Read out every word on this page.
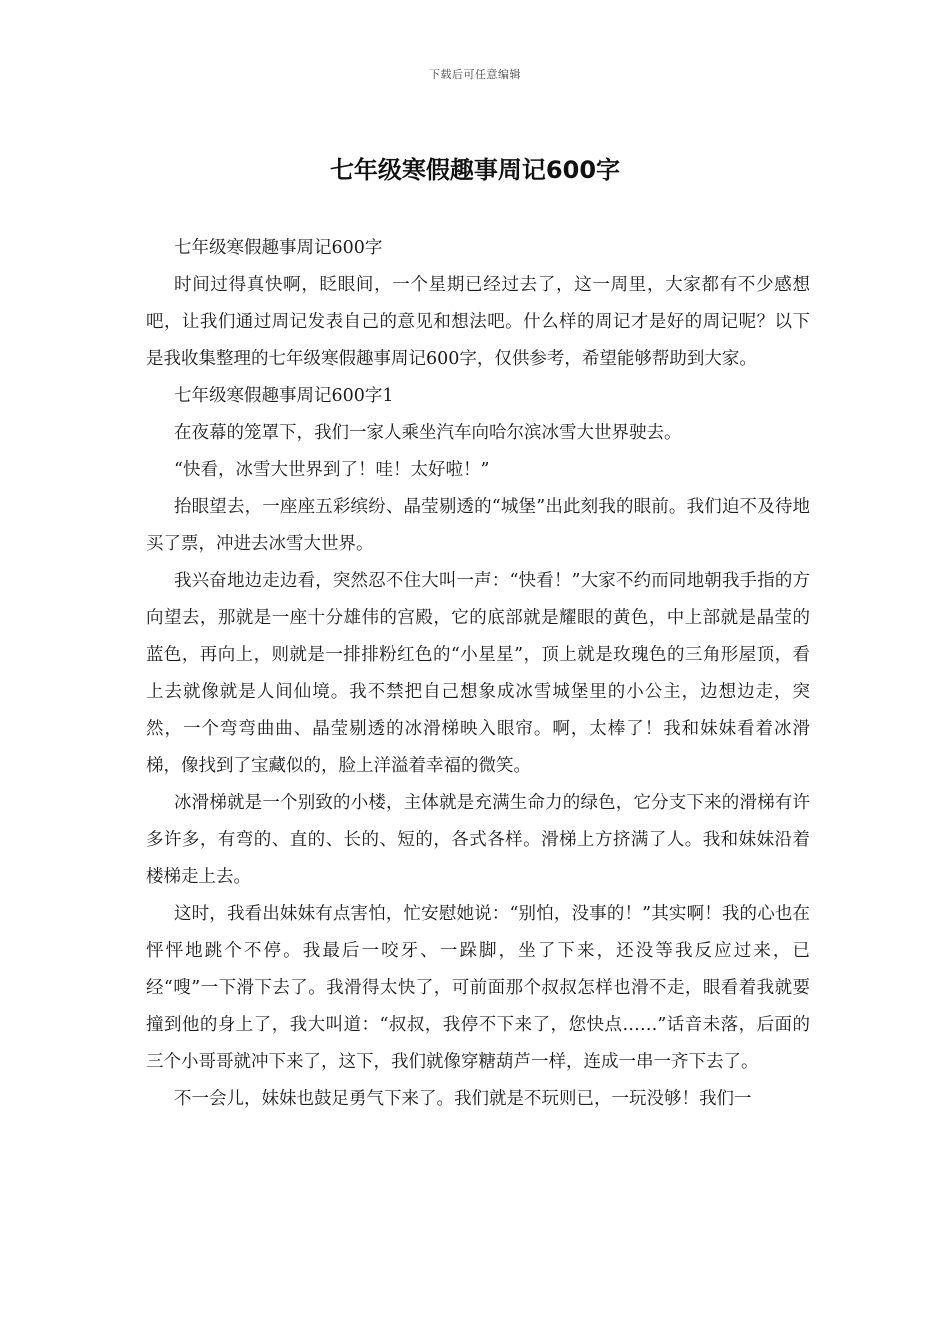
下载后可任意编辑
七年级寒假趣事周记600字

七年级寒假趣事周记600字

时间过得真快啊，眨眼间，一个星期已经过去了，这一周里，大家都有不少感想吧，让我们通过周记发表自己的意见和想法吧。什么样的周记才是好的周记呢？以下是我收集整理的七年级寒假趣事周记600字，仅供参考，希望能够帮助到大家。

七年级寒假趣事周记600字1

在夜幕的笼罩下，我们一家人乘坐汽车向哈尔滨冰雪大世界驶去。

“快看，冰雪大世界到了！哇！太好啦！”

抬眼望去，一座座五彩缤纷、晶莹剔透的“城堡”出此刻我的眼前。我们迫不及待地买了票，冲进去冰雪大世界。

我兴奋地边走边看，突然忍不住大叫一声：“快看！”大家不约而同地朝我手指的方向望去，那就是一座十分雄伟的宫殿，它的底部就是耀眼的黄色，中上部就是晶莹的蓝色，再向上，则就是一排排粉红色的“小星星”，顶上就是玫瑰色的三角形屋顶，看上去就像就是人间仙境。我不禁把自己想象成冰雪城堡里的小公主，边想边走，突然，一个弯弯曲曲、晶莹剔透的冰滑梯映入眼帘。啊，太棒了！我和妹妹看着冰滑梯，像找到了宝藏似的，脸上洋溢着幸福的微笑。

冰滑梯就是一个别致的小楼，主体就是充满生命力的绿色，它分支下来的滑梯有许多许多，有弯的、直的、长的、短的，各式各样。滑梯上方挤满了人。我和妹妹沿着楼梯走上去。

这时，我看出妹妹有点害怕，忙安慰她说：“别怕，没事的！”其实啊！我的心也在怦怦地跳个不停。我最后一咬牙、一跺脚，坐了下来，还没等我反应过来，已经“嗖”一下滑下去了。我滑得太快了，可前面那个叔叔怎样也滑不走，眼看着我就要撞到他的身上了，我大叫道：“叔叔，我停不下来了，您快点……”话音未落，后面的三个小哥哥就冲下来了，这下，我们就像穿糖葫芦一样，连成一串一齐下去了。

不一会儿，妹妹也鼓足勇气下来了。我们就是不玩则已，一玩没够！我们一
